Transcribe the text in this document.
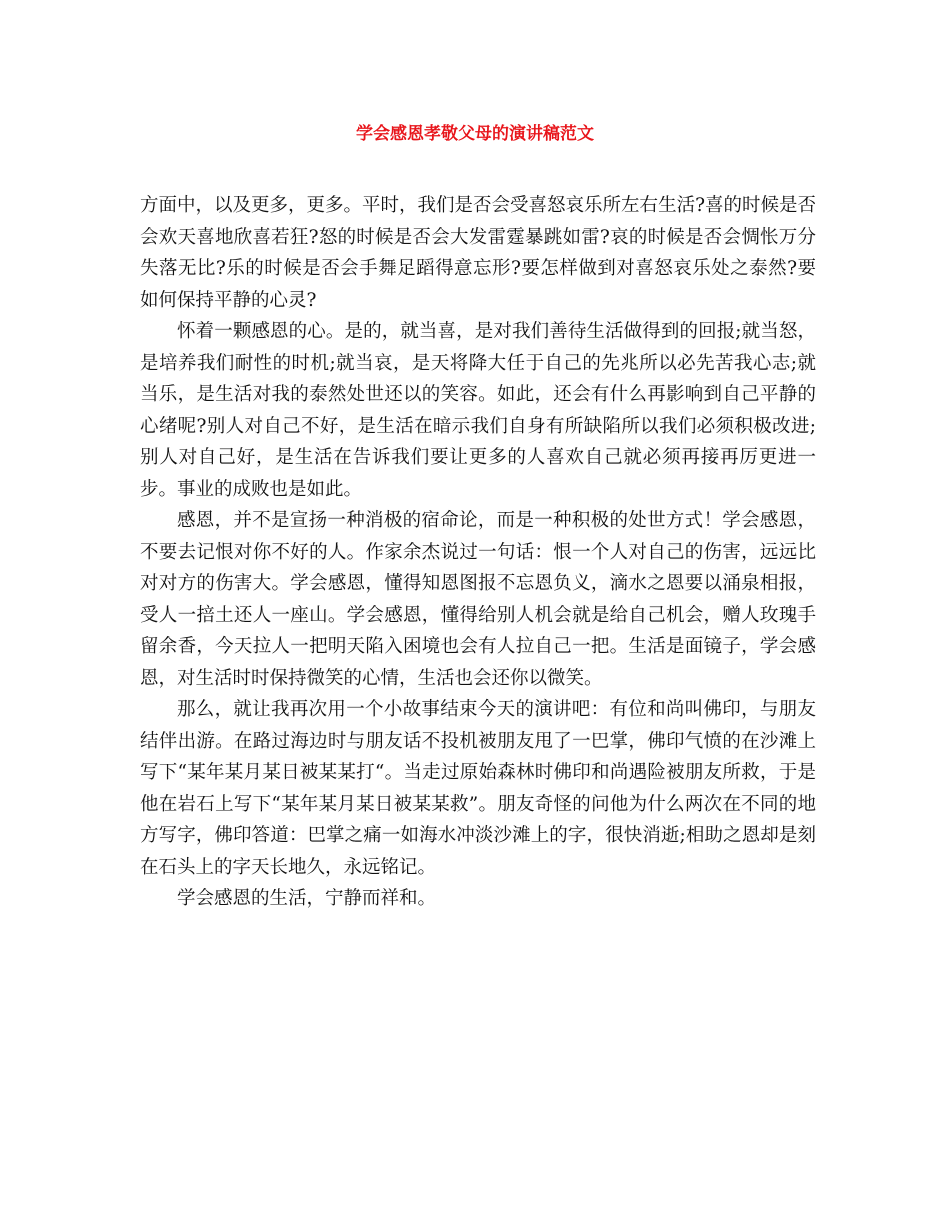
学会感恩孝敬父母的演讲稿范文

方面中，以及更多，更多。平时，我们是否会受喜怒哀乐所左右生活?喜的时候是否会欢天喜地欣喜若狂?怒的时候是否会大发雷霆暴跳如雷?哀的时候是否会惆怅万分失落无比?乐的时候是否会手舞足蹈得意忘形?要怎样做到对喜怒哀乐处之泰然?要如何保持平静的心灵?

怀着一颗感恩的心。是的，就当喜，是对我们善待生活做得到的回报;就当怒，是培养我们耐性的时机;就当哀，是天将降大任于自己的先兆所以必先苦我心志;就当乐，是生活对我的泰然处世还以的笑容。如此，还会有什么再影响到自己平静的心绪呢?别人对自己不好，是生活在暗示我们自身有所缺陷所以我们必须积极改进;别人对自己好，是生活在告诉我们要让更多的人喜欢自己就必须再接再厉更进一步。事业的成败也是如此。

感恩，并不是宣扬一种消极的宿命论，而是一种积极的处世方式！学会感恩，不要去记恨对你不好的人。作家余杰说过一句话：恨一个人对自己的伤害，远远比对对方的伤害大。学会感恩，懂得知恩图报不忘恩负义，滴水之恩要以涌泉相报，受人一掊土还人一座山。学会感恩，懂得给别人机会就是给自己机会，赠人玫瑰手留余香，今天拉人一把明天陷入困境也会有人拉自己一把。生活是面镜子，学会感恩，对生活时时保持微笑的心情，生活也会还你以微笑。

那么，就让我再次用一个小故事结束今天的演讲吧：有位和尚叫佛印，与朋友结伴出游。在路过海边时与朋友话不投机被朋友甩了一巴掌，佛印气愤的在沙滩上写下“某年某月某日被某某打“。当走过原始森林时佛印和尚遇险被朋友所救，于是他在岩石上写下“某年某月某日被某某救”。朋友奇怪的问他为什么两次在不同的地方写字，佛印答道：巴掌之痛一如海水冲淡沙滩上的字，很快消逝;相助之恩却是刻在石头上的字天长地久，永远铭记。

学会感恩的生活，宁静而祥和。
